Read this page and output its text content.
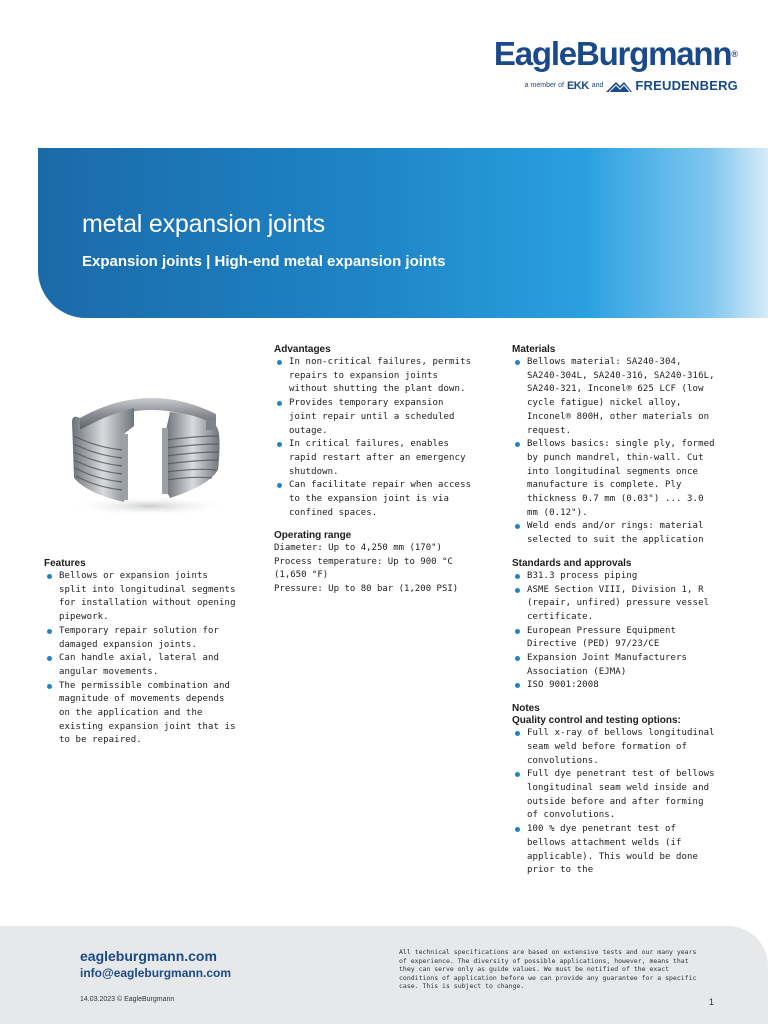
EagleBurgmann®
a member of EKK and FREUDENBERG
metal expansion joints
Expansion joints | High-end metal expansion joints
Features
Bellows or expansion joints split into longitudinal segments for installation without opening pipework.
Temporary repair solution for damaged expansion joints.
Can handle axial, lateral and angular movements.
The permissible combination and magnitude of movements depends on the application and the existing expansion joint that is to be repaired.
Advantages
In non-critical failures, permits repairs to expansion joints without shutting the plant down.
Provides temporary expansion joint repair until a scheduled outage.
In critical failures, enables rapid restart after an emergency shutdown.
Can facilitate repair when access to the expansion joint is via confined spaces.
Operating range
Diameter: Up to 4,250 mm (170")
Process temperature: Up to 900 °C (1,650 °F)
Pressure: Up to 80 bar (1,200 PSI)
Materials
Bellows material: SA240-304, SA240-304L, SA240-316, SA240-316L, SA240-321, Inconel® 625 LCF (low cycle fatigue) nickel alloy, Inconel® 800H, other materials on request.
Bellows basics: single ply, formed by punch mandrel, thin-wall. Cut into longitudinal segments once manufacture is complete. Ply thickness 0.7 mm (0.03") ... 3.0 mm (0.12").
Weld ends and/or rings: material selected to suit the application
Standards and approvals
B31.3 process piping
ASME Section VIII, Division 1, R (repair, unfired) pressure vessel certificate.
European Pressure Equipment Directive (PED) 97/23/CE
Expansion Joint Manufacturers Association (EJMA)
ISO 9001:2008
Notes
Quality control and testing options:
Full x-ray of bellows longitudinal seam weld before formation of convolutions.
Full dye penetrant test of bellows longitudinal seam weld inside and outside before and after forming of convolutions.
100 % dye penetrant test of bellows attachment welds (if applicable). This would be done prior to the
eagleburgmann.com
info@eagleburgmann.com
14.03.2023 © EagleBurgmann
All technical specifications are based on extensive tests and our many years of experience. The diversity of possible applications, however, means that they can serve only as guide values. We must be notified of the exact conditions of application before we can provide any guarantee for a specific case. This is subject to change.
1
